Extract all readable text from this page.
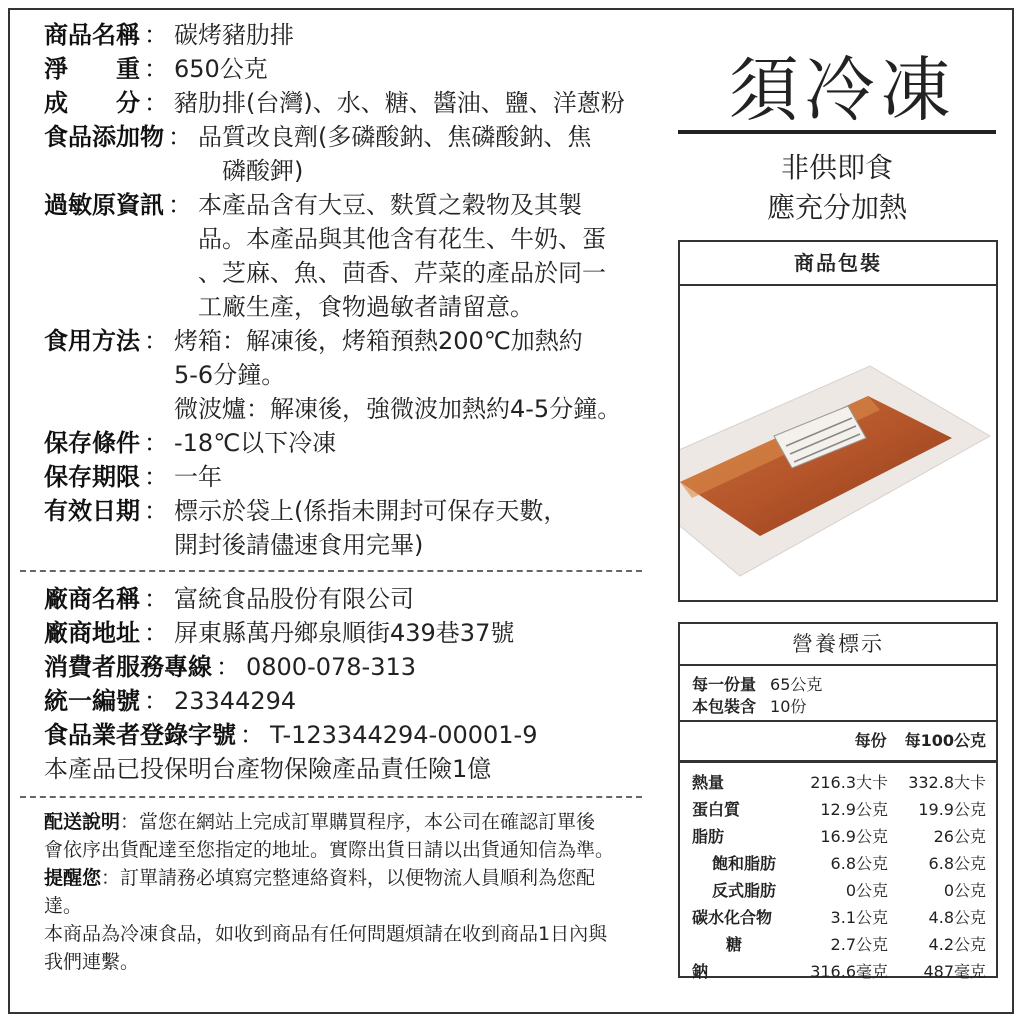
商品名稱 ： 碳烤豬肋排
淨　　重 ： 650公克
成　　分 ： 豬肋排(台灣)、水、糖、醬油、鹽、洋蔥粉
食品添加物 ： 品質改良劑(多磷酸鈉、焦磷酸鈉、焦
　磷酸鉀)
過敏原資訊 ： 本產品含有大豆、麩質之穀物及其製
品。本產品與其他含有花生、牛奶、蛋
、芝麻、魚、茴香、芹菜的產品於同一
工廠生產，食物過敏者請留意。
食用方法 ： 烤箱：解凍後，烤箱預熱200℃加熱約
5-6分鐘。
微波爐：解凍後，強微波加熱約4-5分鐘。
保存條件 ： -18℃以下冷凍
保存期限 ： 一年
有效日期 ： 標示於袋上(係指未開封可保存天數，
開封後請儘速食用完畢)
廠商名稱 ： 富統食品股份有限公司
廠商地址 ： 屏東縣萬丹鄉泉順街439巷37號
消費者服務專線 ： 0800-078-313
統一編號 ： 23344294
食品業者登錄字號 ： T-123344294-00001-9
本產品已投保明台產物保險產品責任險1億
配送說明：當您在網站上完成訂單購買程序，本公司在確認訂單後會依序出貨配達至您指定的地址。實際出貨日請以出貨通知信為準。
提醒您：訂單請務必填寫完整連絡資料，以便物流人員順利為您配達。
本商品為冷凍食品，如收到商品有任何問題煩請在收到商品1日內與我們連繫。
須冷凍
非供即食
應充分加熱
商品包裝
營養標示
每一份量 65公克
本包裝含 10份
每份 每100公克
熱量	216.3大卡	332.8大卡
蛋白質	12.9公克	19.9公克
脂肪	16.9公克	26公克
飽和脂肪	6.8公克	6.8公克
反式脂肪	0公克	0公克
碳水化合物	3.1公克	4.8公克
糖	2.7公克	4.2公克
鈉	316.6毫克	487毫克
